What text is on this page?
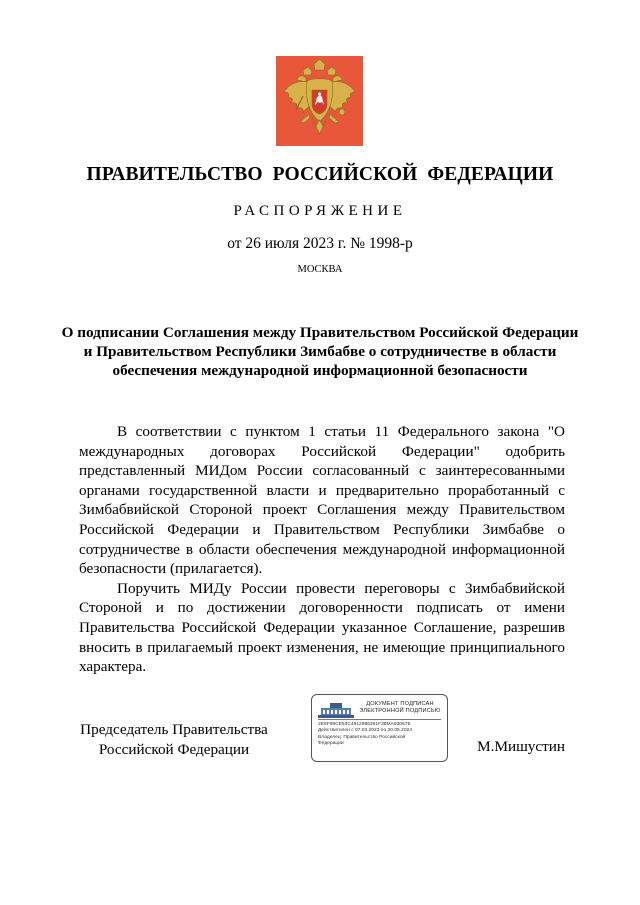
ПРАВИТЕЛЬСТВО РОССИЙСКОЙ ФЕДЕРАЦИИ
РАСПОРЯЖЕНИЕ
от 26 июля 2023 г. № 1998-р
МОСКВА
О подписании Соглашения между Правительством Российской Федерации и Правительством Республики Зимбабве о сотрудничестве в области обеспечения международной информационной безопасности

В соответствии с пунктом 1 статьи 11 Федерального закона "О международных договорах Российской Федерации" одобрить представленный МИДом России согласованный с заинтересованными органами государственной власти и предварительно проработанный с Зимбабвийской Стороной проект Соглашения между Правительством Российской Федерации и Правительством Республики Зимбабве о сотрудничестве в области обеспечения международной информационной безопасности (прилагается).

Поручить МИДу России провести переговоры с Зимбабвийской Стороной и по достижении договоренности подписать от имени Правительства Российской Федерации указанное Соглашение, разрешив вносить в прилагаемый проект изменения, не имеющие принципиального характера.

Председатель Правительства
Российской Федерации
ДОКУМЕНТ ПОДПИСАН
ЭЛЕКТРОННОЙ ПОДПИСЬЮ
2E6F99CE53C4912986361F38MA93067E
Действителен с 07.03.2023 по 30.05.2024
Владелец: Правительство Российской
Федерации	М.Мишустин
